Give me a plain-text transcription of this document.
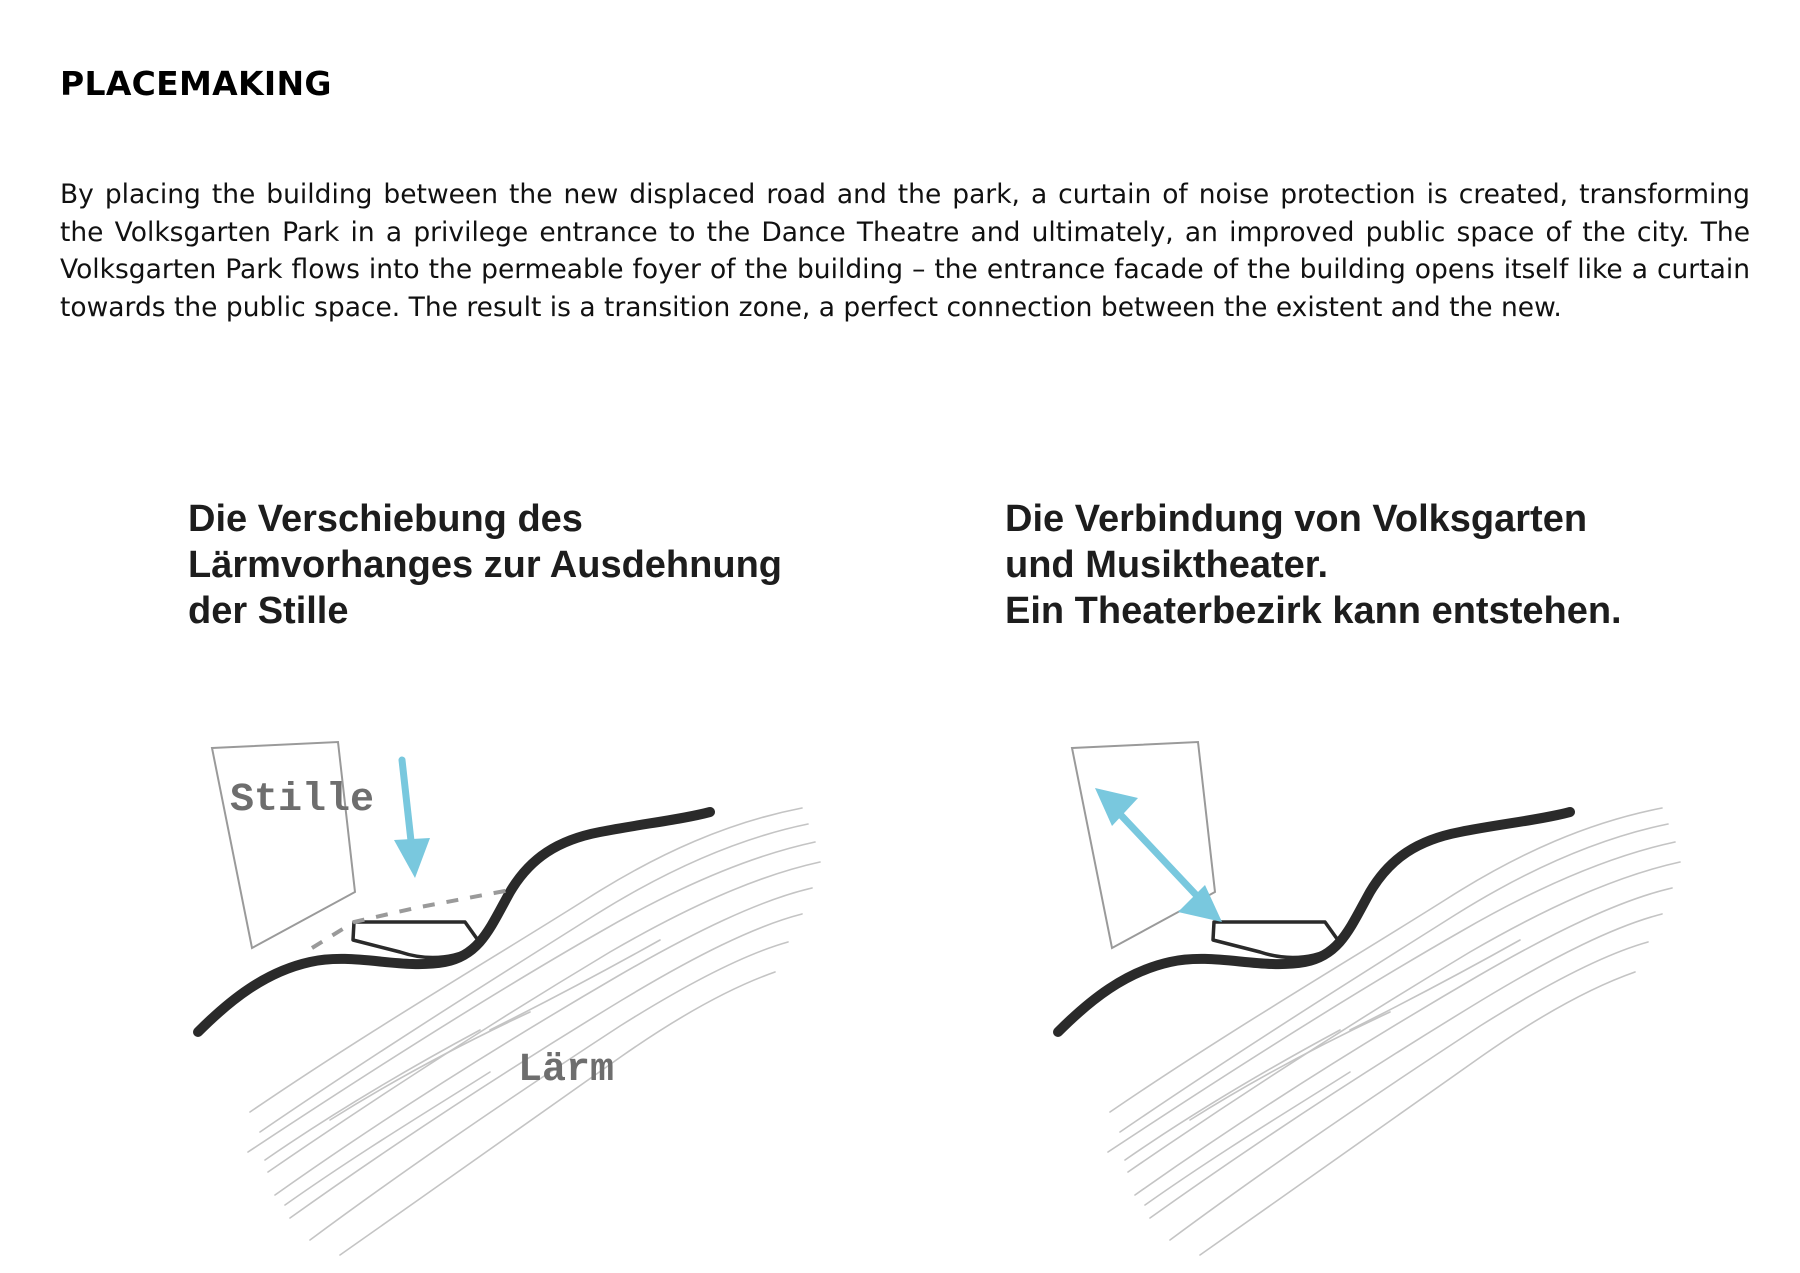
PLACEMAKING

By placing the building between the new displaced road and the park, a curtain of noise protection is created, transforming the Volksgarten Park in a privilege entrance to the Dance Theatre and ultimately, an improved public space of the city. The Volksgarten Park flows into the permeable foyer of the building – the entrance facade of the building opens itself like a curtain towards the public space. The result is a transition zone, a perfect connection between the existent and the new.

Die Verschiebung des
Lärmvorhanges zur Ausdehnung
der Stille
Die Verbindung von Volksgarten
und Musiktheater.
Ein Theaterbezirk kann entstehen.
Stille
Lärm
